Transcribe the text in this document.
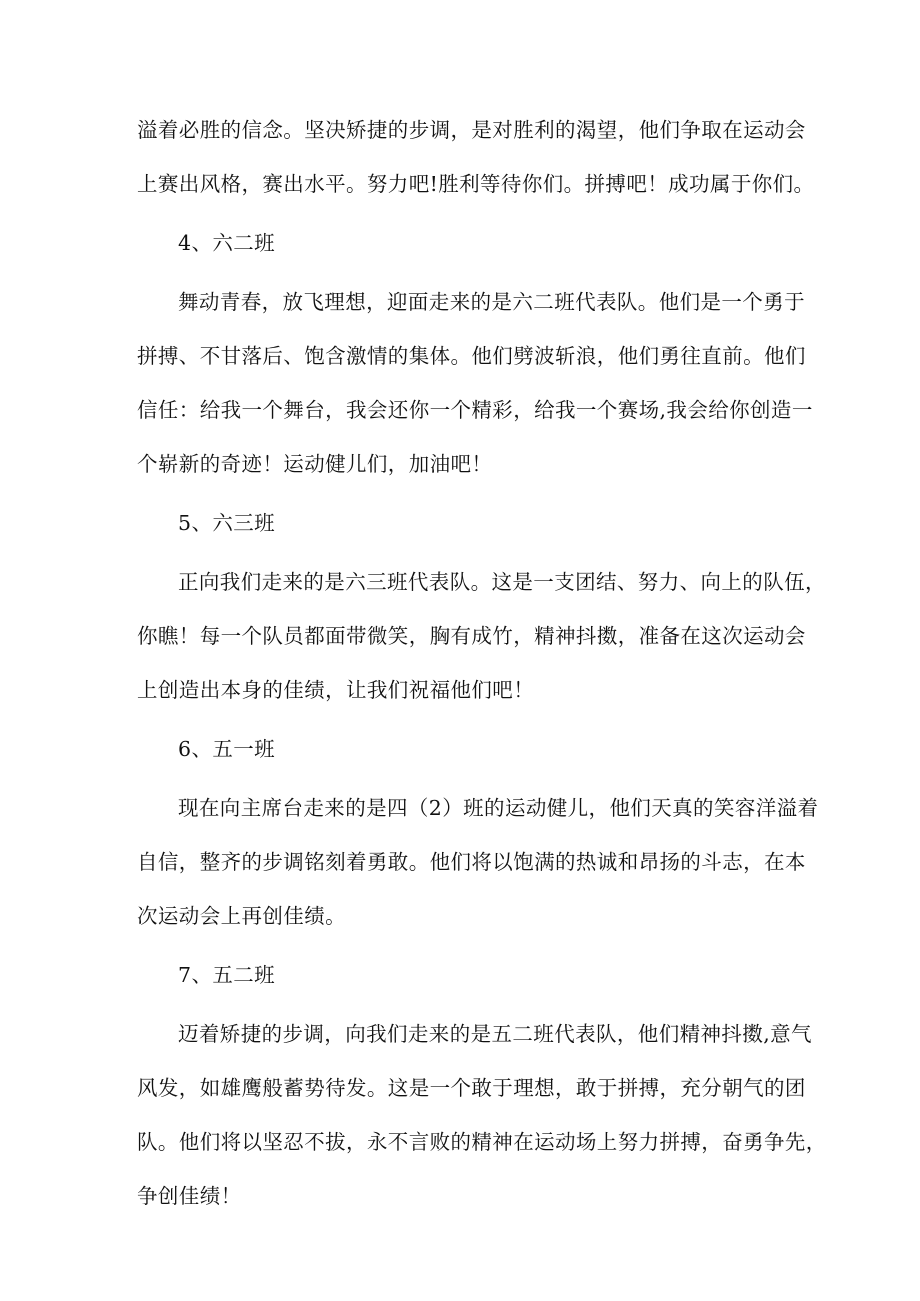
溢着必胜的信念。坚决矫捷的步调，是对胜利的渴望，他们争取在运动会
上赛出风格，赛出水平。努力吧!胜利等待你们。拼搏吧！成功属于你们。
4、六二班
舞动青春，放飞理想，迎面走来的是六二班代表队。他们是一个勇于
拼搏、不甘落后、饱含激情的集体。他们劈波斩浪，他们勇往直前。他们
信任：给我一个舞台，我会还你一个精彩，给我一个赛场,我会给你创造一
个崭新的奇迹！运动健儿们，加油吧！
5、六三班
正向我们走来的是六三班代表队。这是一支团结、努力、向上的队伍，
你瞧！每一个队员都面带微笑，胸有成竹，精神抖擞，准备在这次运动会
上创造出本身的佳绩，让我们祝福他们吧！
6、五一班
现在向主席台走来的是四（2）班的运动健儿，他们天真的笑容洋溢着
自信，整齐的步调铭刻着勇敢。他们将以饱满的热诚和昂扬的斗志，在本
次运动会上再创佳绩。
7、五二班
迈着矫捷的步调，向我们走来的是五二班代表队，他们精神抖擞,意气
风发，如雄鹰般蓄势待发。这是一个敢于理想，敢于拼搏，充分朝气的团
队。他们将以坚忍不拔，永不言败的精神在运动场上努力拼搏，奋勇争先，
争创佳绩！
